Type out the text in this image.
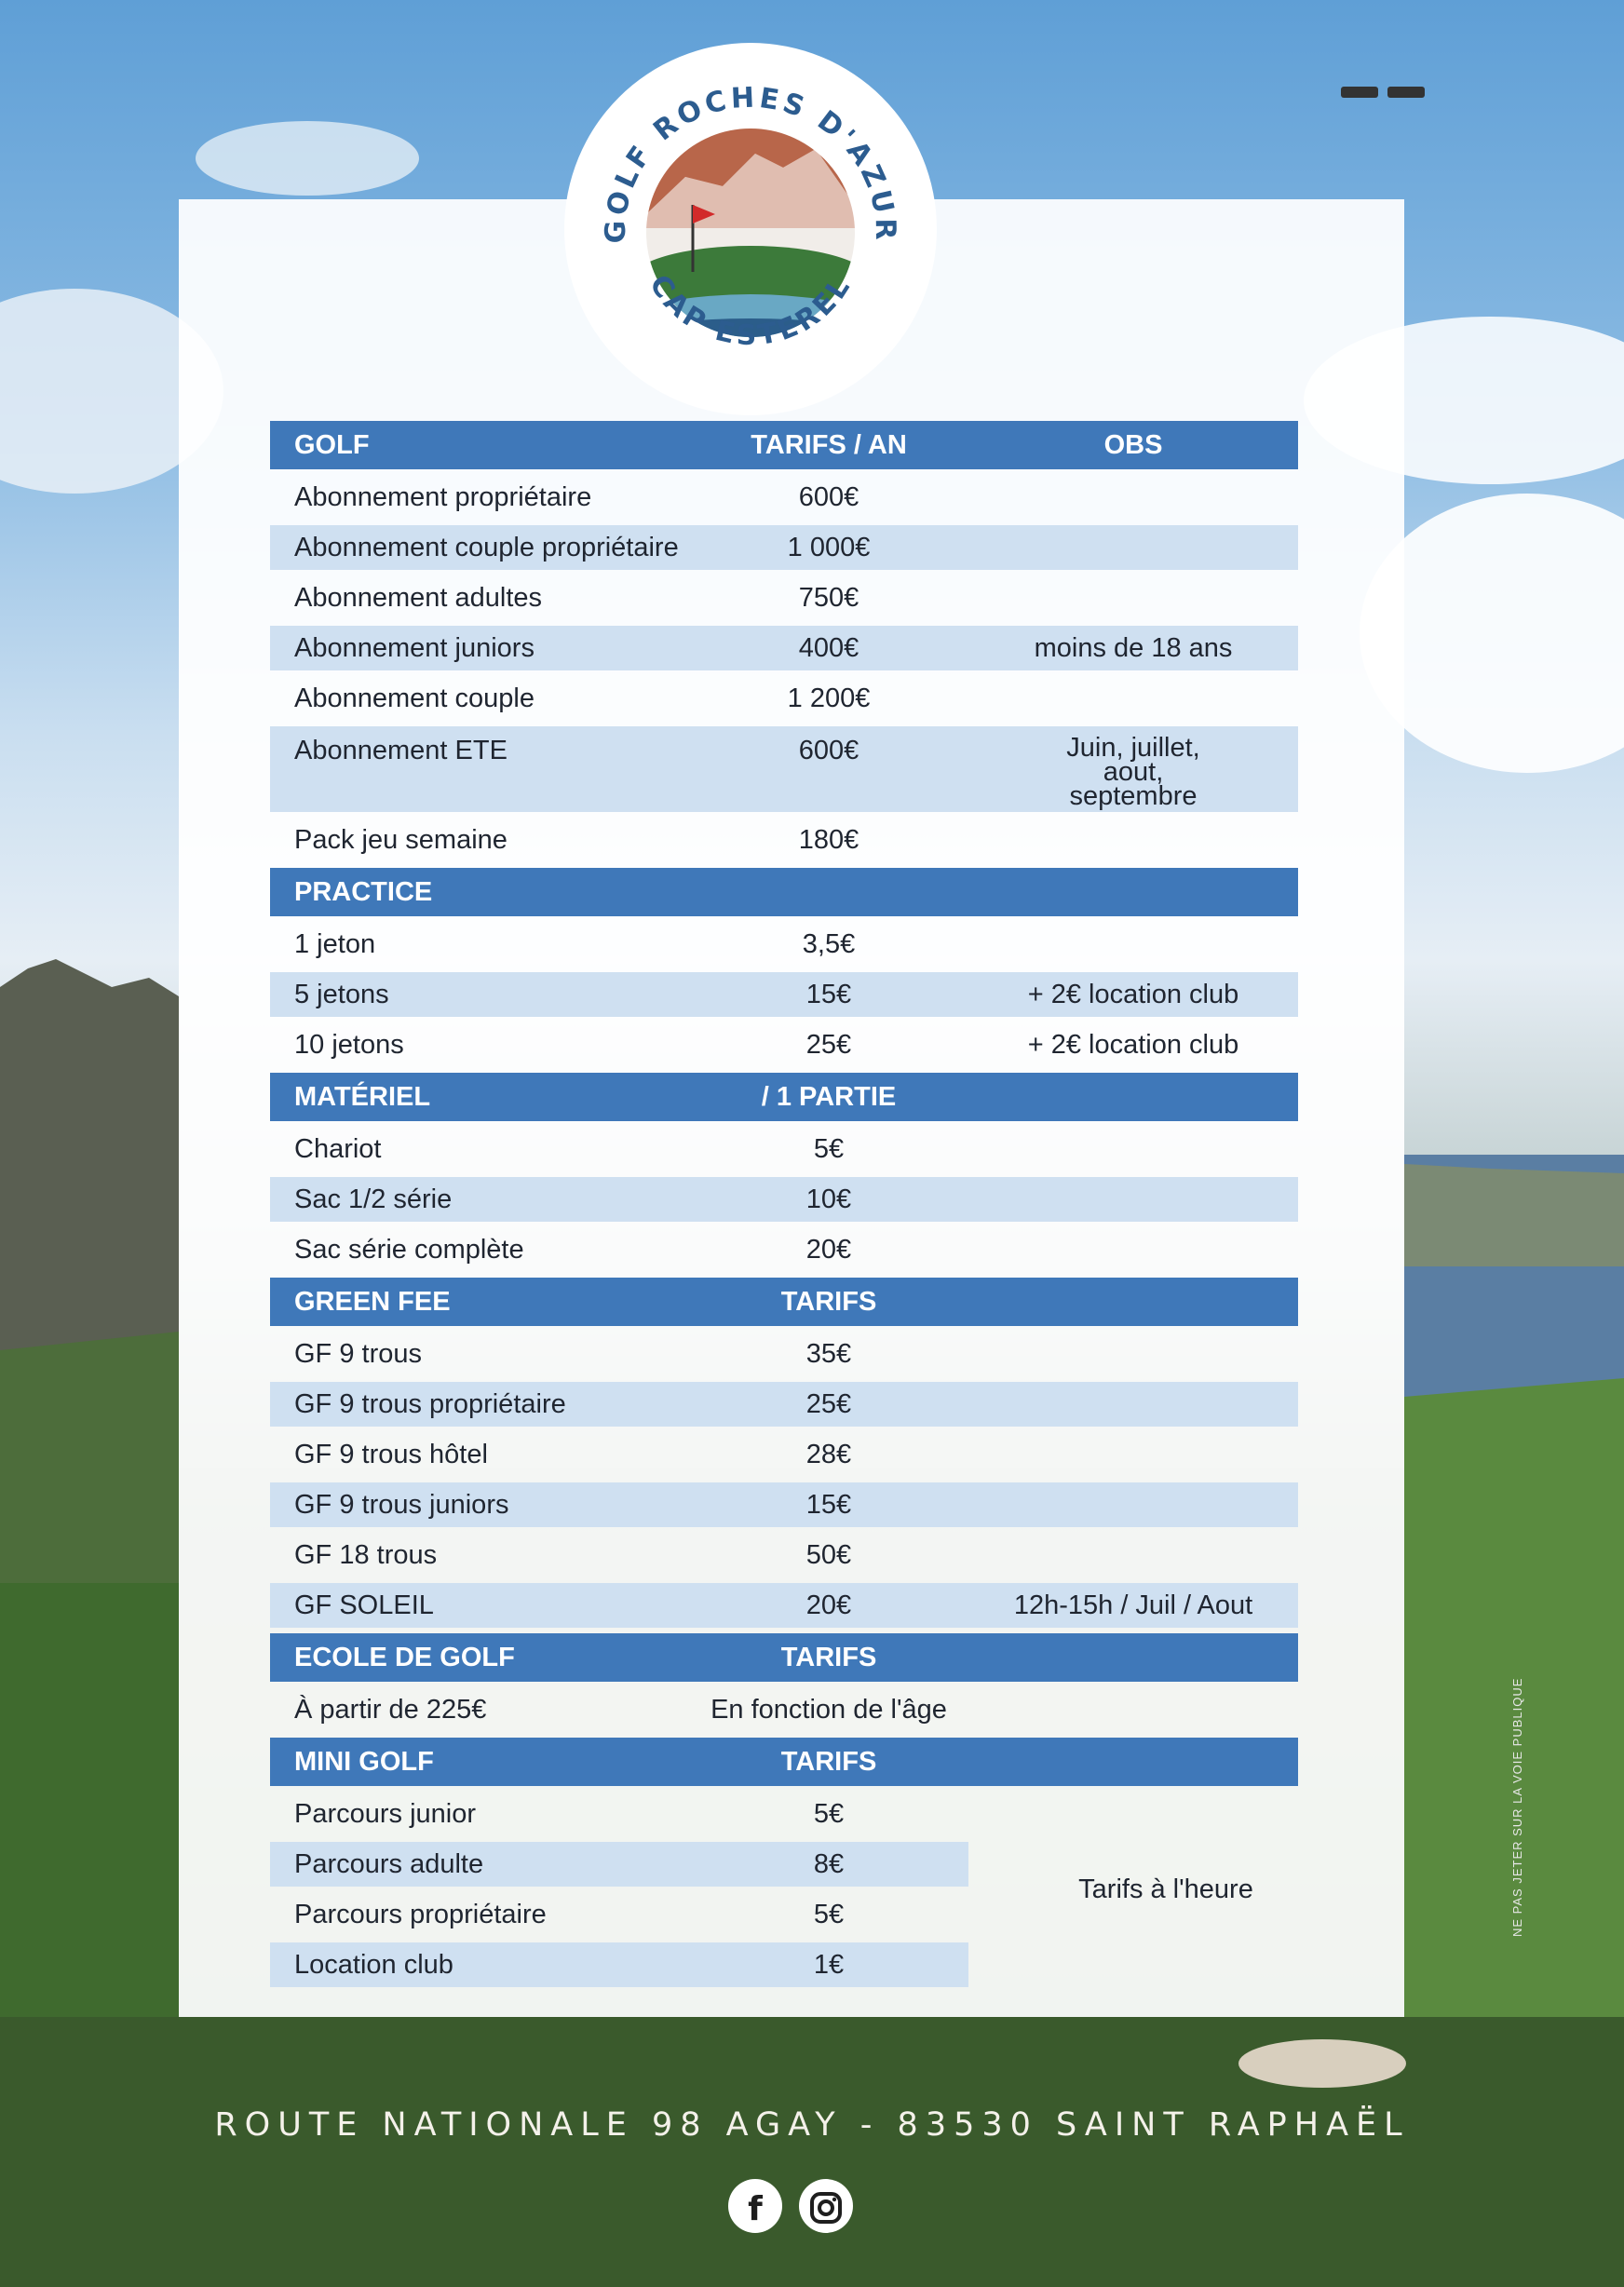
GOLF ROCHES D'AZUR
CAP ESTEREL
GOLF	TARIFS / AN	OBS
Abonnement propriétaire	600€	
Abonnement couple propriétaire	1 000€	
Abonnement adultes	750€	
Abonnement juniors	400€	moins de 18 ans
Abonnement couple	1 200€	
Abonnement ETE	600€	Juin, juillet, aout, septembre
Pack jeu semaine	180€	
PRACTICE		
1 jeton	3,5€	
5 jetons	15€	+ 2€ location club
10 jetons	25€	+ 2€ location club
MATÉRIEL	/ 1 PARTIE	
Chariot	5€	
Sac 1/2 série	10€	
Sac série complète	20€	
GREEN FEE	TARIFS	
GF 9 trous	35€	
GF 9 trous propriétaire	25€	
GF 9 trous hôtel	28€	
GF 9 trous juniors	15€	
GF 18 trous	50€	
GF SOLEIL	20€	12h-15h / Juil / Aout
ECOLE DE GOLF	TARIFS	
À partir de 225€	En fonction de l'âge	
MINI GOLF	TARIFS	
Parcours junior	5€	Tarifs à l'heure
Parcours adulte	8€	
Parcours propriétaire	5€	
Location club	1€	
ROUTE NATIONALE 98 AGAY - 83530 SAINT RAPHAËL
f

NE PAS JETER SUR LA VOIE PUBLIQUE
